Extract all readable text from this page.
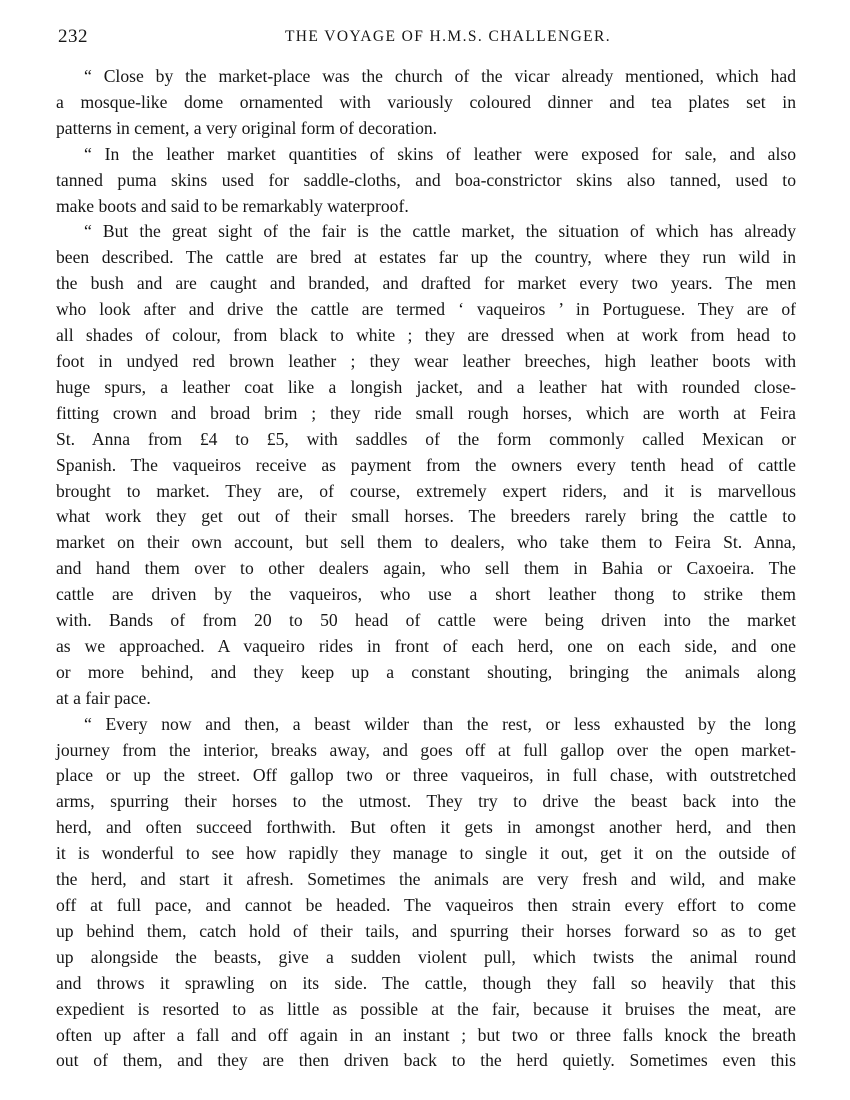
232	THE VOYAGE OF H.M.S. CHALLENGER.
“ Close by the market-place was the church of the vicar already mentioned, which had
a mosque-like dome ornamented with variously coloured dinner and tea plates set in
patterns in cement, a very original form of decoration.
“ In the leather market quantities of skins of leather were exposed for sale, and also
tanned puma skins used for saddle-cloths, and boa-constrictor skins also tanned, used to
make boots and said to be remarkably waterproof.
“ But the great sight of the fair is the cattle market, the situation of which has already
been described. The cattle are bred at estates far up the country, where they run wild in
the bush and are caught and branded, and drafted for market every two years. The men
who look after and drive the cattle are termed ‘ vaqueiros ’ in Portuguese. They are of
all shades of colour, from black to white ; they are dressed when at work from head to
foot in undyed red brown leather ; they wear leather breeches, high leather boots with
huge spurs, a leather coat like a longish jacket, and a leather hat with rounded close-
fitting crown and broad brim ; they ride small rough horses, which are worth at Feira
St. Anna from £4 to £5, with saddles of the form commonly called Mexican or
Spanish. The vaqueiros receive as payment from the owners every tenth head of cattle
brought to market. They are, of course, extremely expert riders, and it is marvellous
what work they get out of their small horses. The breeders rarely bring the cattle to
market on their own account, but sell them to dealers, who take them to Feira St. Anna,
and hand them over to other dealers again, who sell them in Bahia or Caxoeira. The
cattle are driven by the vaqueiros, who use a short leather thong to strike them
with. Bands of from 20 to 50 head of cattle were being driven into the market
as we approached. A vaqueiro rides in front of each herd, one on each side, and one
or more behind, and they keep up a constant shouting, bringing the animals along
at a fair pace.
“ Every now and then, a beast wilder than the rest, or less exhausted by the long
journey from the interior, breaks away, and goes off at full gallop over the open market-
place or up the street. Off gallop two or three vaqueiros, in full chase, with outstretched
arms, spurring their horses to the utmost. They try to drive the beast back into the
herd, and often succeed forthwith. But often it gets in amongst another herd, and then
it is wonderful to see how rapidly they manage to single it out, get it on the outside of
the herd, and start it afresh. Sometimes the animals are very fresh and wild, and make
off at full pace, and cannot be headed. The vaqueiros then strain every effort to come
up behind them, catch hold of their tails, and spurring their horses forward so as to get
up alongside the beasts, give a sudden violent pull, which twists the animal round
and throws it sprawling on its side. The cattle, though they fall so heavily that this
expedient is resorted to as little as possible at the fair, because it bruises the meat, are
often up after a fall and off again in an instant ; but two or three falls knock the breath
out of them, and they are then driven back to the herd quietly. Sometimes even this
